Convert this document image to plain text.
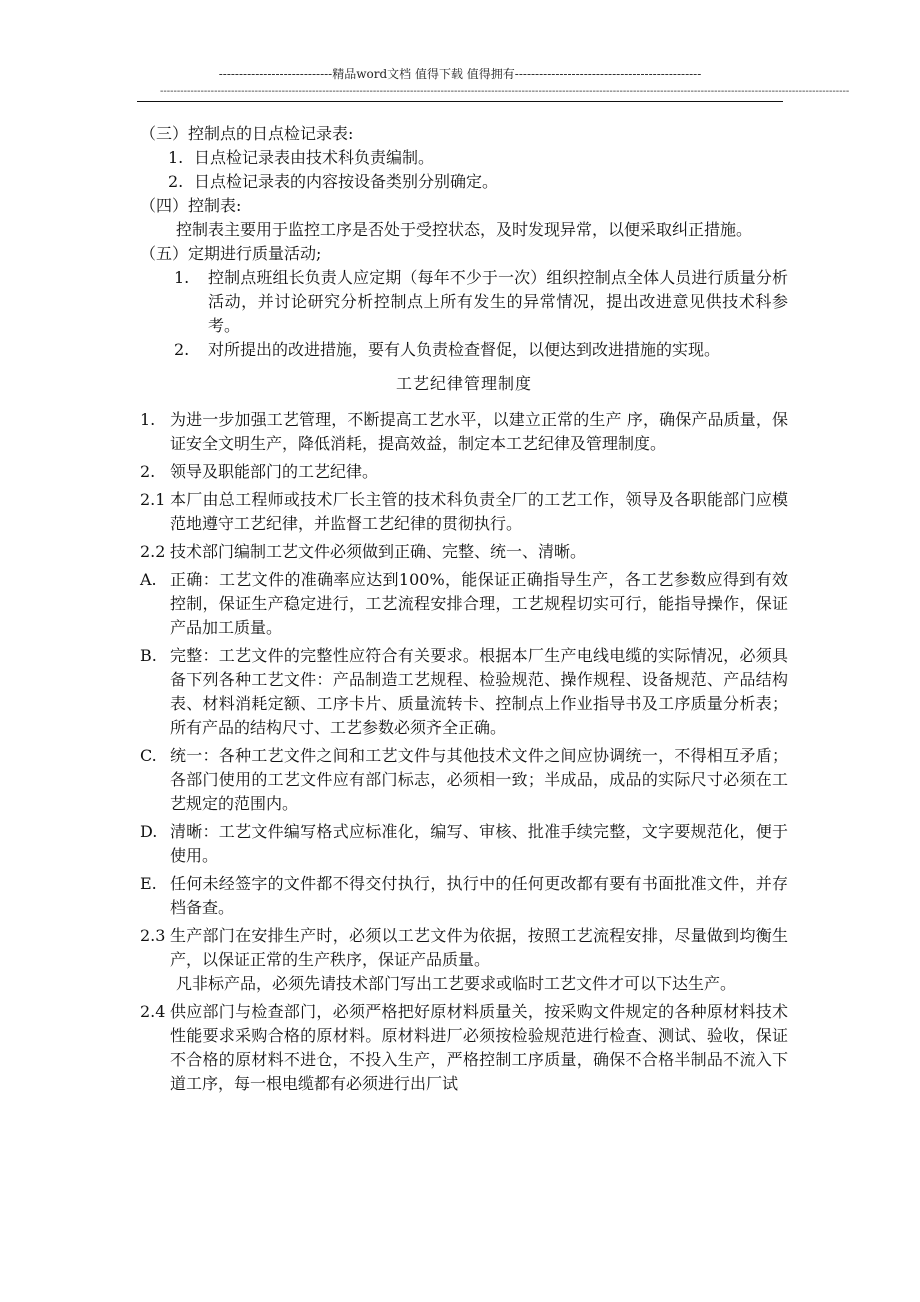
----------------------------精品word文档 值得下载 值得拥有----------------------------------------------
------------------------------------------------------------------------------------------------------------------------------------------------------------------------------------------------------------
（三）控制点的日点检记录表:
1. 日点检记录表由技术科负责编制。
2. 日点检记录表的内容按设备类别分别确定。
（四）控制表:
控制表主要用于监控工序是否处于受控状态，及时发现异常，以便采取纠正措施。
（五）定期进行质量活动;
1.	控制点班组长负责人应定期（每年不少于一次）组织控制点全体人员进行质量分析活动，并讨论研究分析控制点上所有发生的异常情况，提出改进意见供技术科参考。
2.	对所提出的改进措施，要有人负责检查督促，以便达到改进措施的实现。
工艺纪律管理制度
1. 为进一步加强工艺管理，不断提高工艺水平，以建立正常的生产 序，确保产品质量，保证安全文明生产，降低消耗，提高效益，制定本工艺纪律及管理制度。
2. 领导及职能部门的工艺纪律。
2.1 本厂由总工程师或技术厂长主管的技术科负责全厂的工艺工作，领导及各职能部门应模范地遵守工艺纪律，并监督工艺纪律的贯彻执行。
2.2 技术部门编制工艺文件必须做到正确、完整、统一、清晰。
A. 正确：工艺文件的准确率应达到100%，能保证正确指导生产，各工艺参数应得到有效控制，保证生产稳定进行，工艺流程安排合理，工艺规程切实可行，能指导操作，保证产品加工质量。
B. 完整：工艺文件的完整性应符合有关要求。根据本厂生产电线电缆的实际情况，必须具备下列各种工艺文件：产品制造工艺规程、检验规范、操作规程、设备规范、产品结构表、材料消耗定额、工序卡片、质量流转卡、控制点上作业指导书及工序质量分析表；所有产品的结构尺寸、工艺参数必须齐全正确。
C. 统一：各种工艺文件之间和工艺文件与其他技术文件之间应协调统一，不得相互矛盾；各部门使用的工艺文件应有部门标志，必须相一致；半成品，成品的实际尺寸必须在工艺规定的范围内。
D. 清晰：工艺文件编写格式应标准化，编写、审核、批准手续完整，文字要规范化，便于使用。
E. 任何未经签字的文件都不得交付执行，执行中的任何更改都有要有书面批准文件，并存档备查。
2.3 生产部门在安排生产时，必须以工艺文件为依据，按照工艺流程安排，尽量做到均衡生产，以保证正常的生产秩序，保证产品质量。
凡非标产品，必须先请技术部门写出工艺要求或临时工艺文件才可以下达生产。
2.4 供应部门与检查部门，必须严格把好原材料质量关，按采购文件规定的各种原材料技术性能要求采购合格的原材料。原材料进厂必须按检验规范进行检查、测试、验收，保证不合格的原材料不进仓，不投入生产，严格控制工序质量，确保不合格半制品不流入下道工序，每一根电缆都有必须进行出厂试
